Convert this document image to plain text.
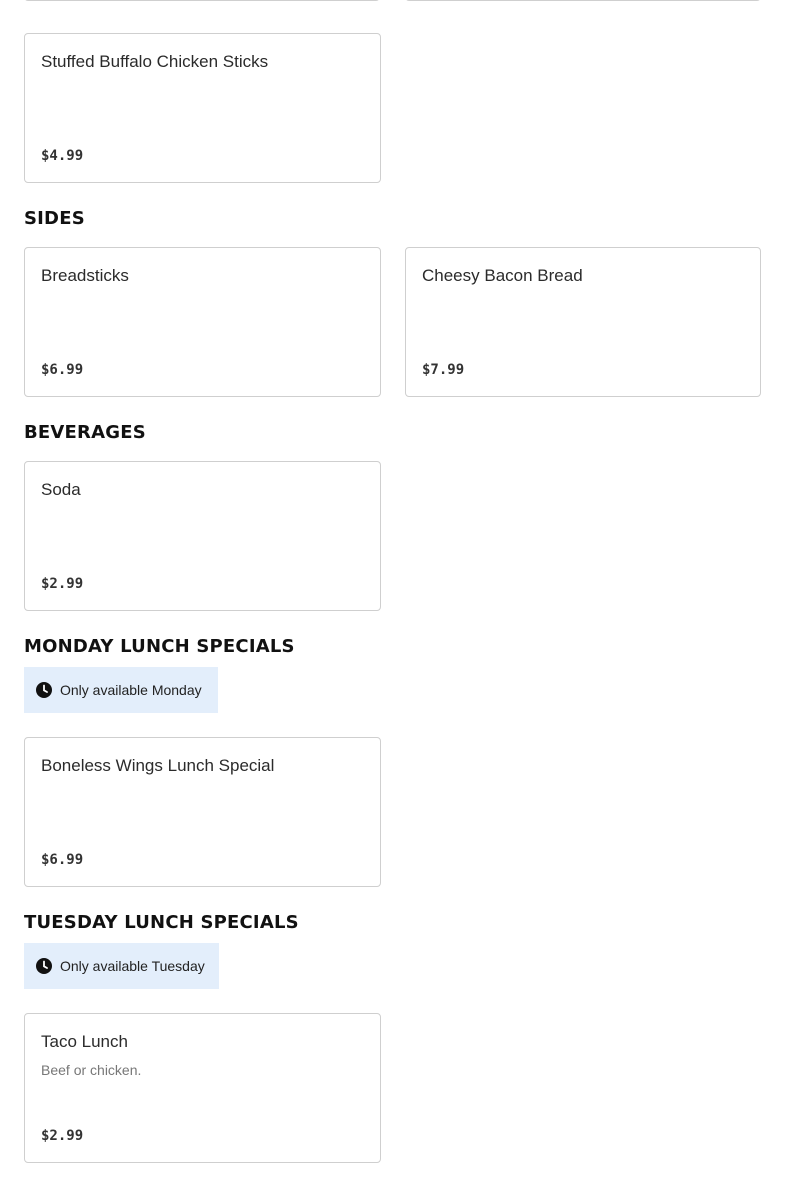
Stuffed Buffalo Chicken Sticks
$4.99
SIDES
Breadsticks
$6.99
Cheesy Bacon Bread
$7.99
BEVERAGES
Soda
$2.99
MONDAY LUNCH SPECIALS
Only available Monday
Boneless Wings Lunch Special
$6.99
TUESDAY LUNCH SPECIALS
Only available Tuesday
Taco Lunch
Beef or chicken.
$2.99
